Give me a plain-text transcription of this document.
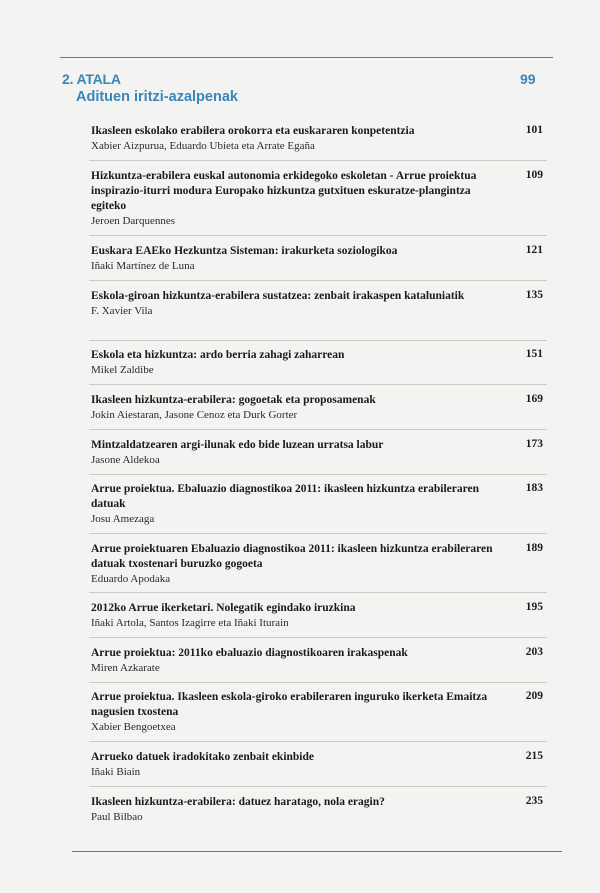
2. ATALA
Adituen iritzi-azalpenak
99
Ikasleen eskolako erabilera orokorra eta euskararen konpetentzia
Xabier Aizpurua, Eduardo Ubieta eta Arrate Egaña
101
Hizkuntza-erabilera euskal autonomia erkidegoko eskoletan - Arrue proiektua inspirazio-iturri modura Europako hizkuntza gutxituen eskuratze-plangintza egiteko
Jeroen Darquennes
109
Euskara EAEko Hezkuntza Sisteman: irakurketa soziologikoa
Iñaki Martínez de Luna
121
Eskola-giroan hizkuntza-erabilera sustatzea: zenbait irakaspen kataluniatik
F. Xavier Vila
135
Eskola eta hizkuntza: ardo berria zahagi zaharrean
Mikel Zaldibe
151
Ikasleen hizkuntza-erabilera: gogoetak eta proposamenak
Jokin Aiestaran, Jasone Cenoz eta Durk Gorter
169
Mintzaldatzearen argi-ilunak edo bide luzean urratsa labur
Jasone Aldekoa
173
Arrue proiektua. Ebaluazio diagnostikoa 2011: ikasleen hizkuntza erabileraren datuak
Josu Amezaga
183
Arrue proiektuaren Ebaluazio diagnostikoa 2011: ikasleen hizkuntza erabileraren datuak txostenari buruzko gogoeta
Eduardo Apodaka
189
2012ko Arrue ikerketari. Nolegatik egindako iruzkina
Iñaki Artola, Santos Izagirre eta Iñaki Iturain
195
Arrue proiektua: 2011ko ebaluazio diagnostikoaren irakaspenak
Miren Azkarate
203
Arrue proiektua. Ikasleen eskola-giroko erabileraren inguruko ikerketa Emaitza nagusien txostena
Xabier Bengoetxea
209
Arrueko datuek iradokitako zenbait ekinbide
Iñaki Biain
215
Ikasleen hizkuntza-erabilera: datuez haratago, nola eragin?
Paul Bilbao
235
